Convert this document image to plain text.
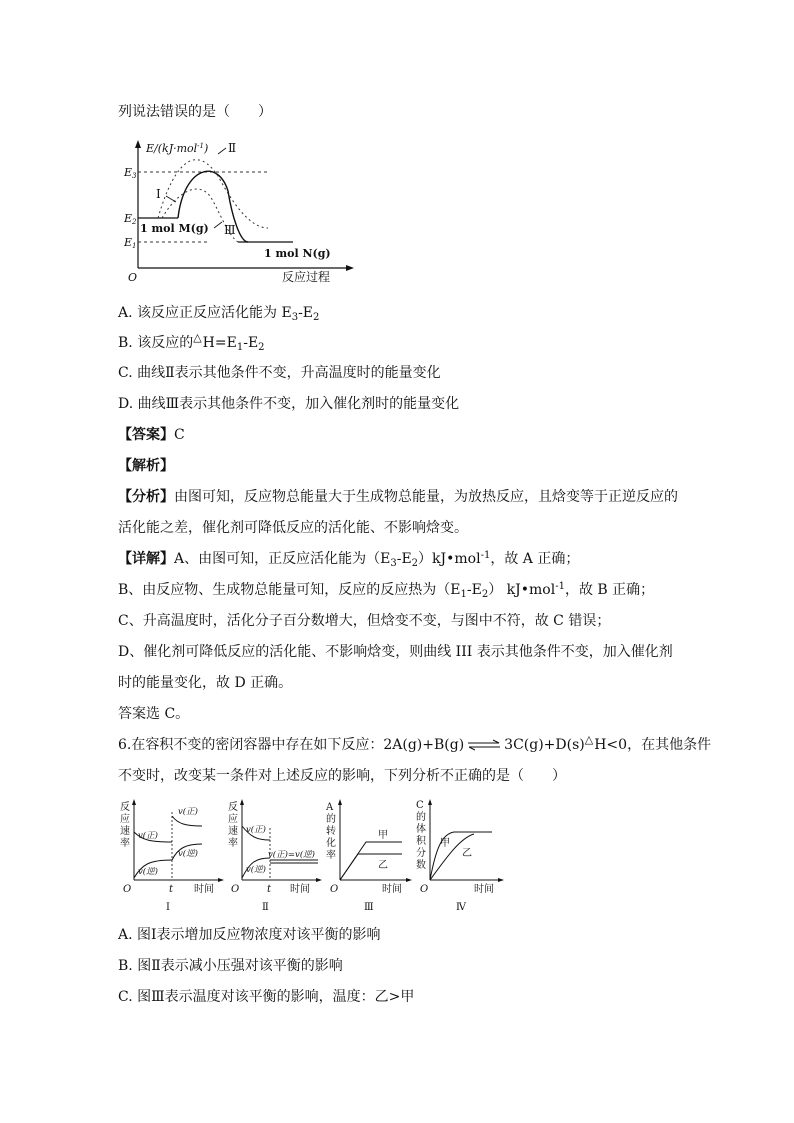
列说法错误的是（　　）
E/(kJ·mol$^{-1}$)
E3
E2
E1
O	反应过程
Ⅰ
Ⅱ
Ⅲ
1 mol M(g)
1 mol N(g)
A. 该反应正反应活化能为 $E_3-E_2$
B. 该反应的$^\triangle H=E_1-E_2$
C. 曲线Ⅱ表示其他条件不变，升高温度时的能量变化
D. 曲线Ⅲ表示其他条件不变，加入催化剂时的能量变化
【答案】C
【解析】
【分析】由图可知，反应物总能量大于生成物总能量，为放热反应，且焓变等于正逆反应的
活化能之差，催化剂可降低反应的活化能、不影响焓变。
【详解】A、由图可知，正反应活化能为$(E_3-E_2)kJ•mol^{-1}$，故 A 正确；
B、由反应物、生成物总能量可知，反应的反应热为$(E_1-E_2)$ kJ•mol$^{-1}$，故 B 正确；
C、升高温度时，活化分子百分数增大，但焓变不变，与图中不符，故 C 错误；
D、催化剂可降低反应的活化能、不影响焓变，则曲线 III 表示其他条件不变，加入催化剂
时的能量变化，故 D 正确。
答案选 C。
6.在容积不变的密闭容器中存在如下反应：2A(g)+B(g) ⇌ 3C(g)+D(s)△H<0，在其他条件
不变时，改变某一条件对上述反应的影响，下列分析不正确的是（　　）
反
应
速
率
v(正)
v(正)
v(逆)
v(逆)
O	t 时间
Ⅰ
反
应
速
率
v(正)
v(逆)
v(正)=v(逆)
O	t 时间
Ⅱ
A
的
转
化
率
甲
乙
O	时间
Ⅲ
C
的
体
积
分
数
甲
乙
O	时间
Ⅳ
A. 图Ⅰ表示增加反应物浓度对该平衡的影响
B. 图Ⅱ表示减小压强对该平衡的影响
C. 图Ⅲ表示温度对该平衡的影响，温度：乙>甲
